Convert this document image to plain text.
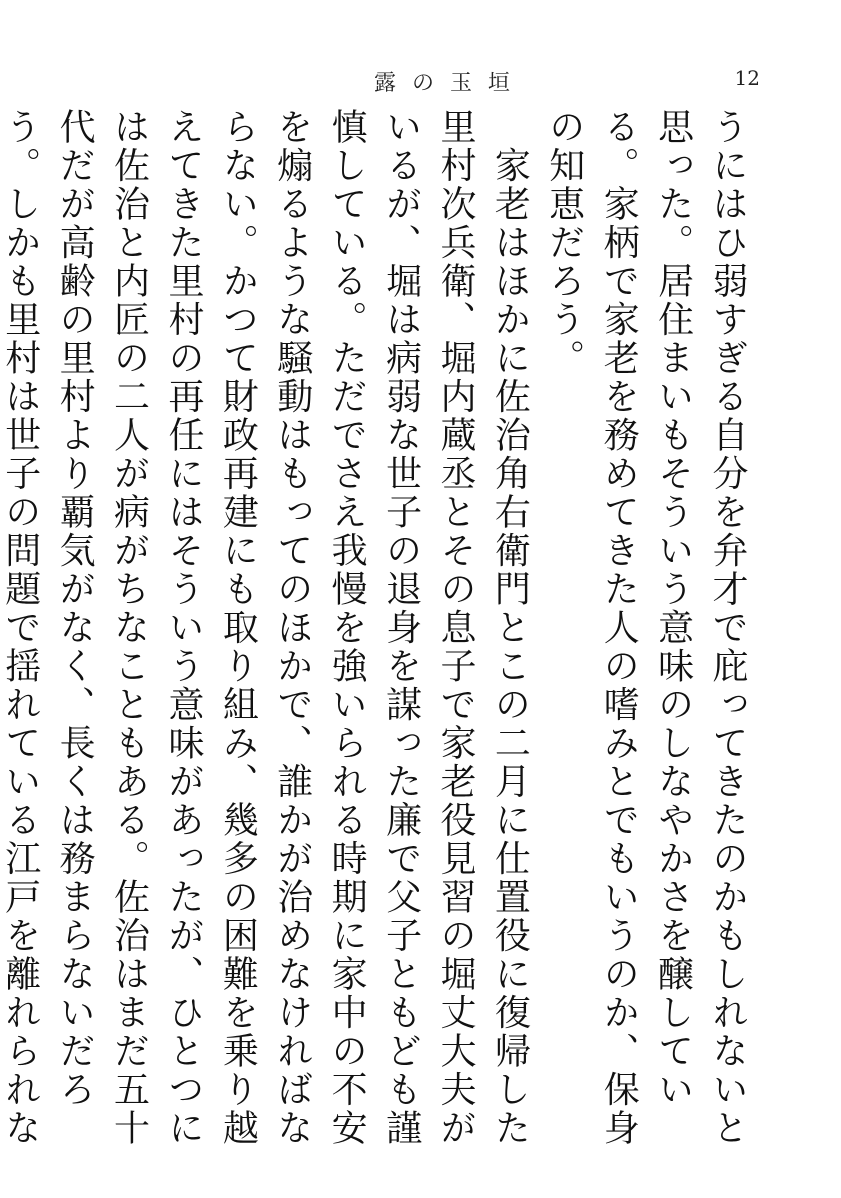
露の玉垣	12

うにはひ弱すぎる自分を弁才で庇ってきたのかもしれないと思った。居住まいもそういう意味のしなやかさを醸している。家柄で家老を務めてきた人の嗜みとでもいうのか、保身の知恵だろう。

　家老はほかに佐治角右衛門とこの二月に仕置役に復帰した里村次兵衛、堀内蔵丞とその息子で家老役見習の堀丈大夫がいるが、堀は病弱な世子の退身を謀った廉で父子ともども謹慎している。ただでさえ我慢を強いられる時期に家中の不安を煽るような騒動はもってのほかで、誰かが治めなければならない。かつて財政再建にも取り組み、幾多の困難を乗り越えてきた里村の再任にはそういう意味があったが、ひとつには佐治と内匠の二人が病がちなこともある。佐治はまだ五十代だが高齢の里村より覇気がなく、長くは務まらないだろう。しかも里村は世子の問題で揺れている江戸を離れられな
